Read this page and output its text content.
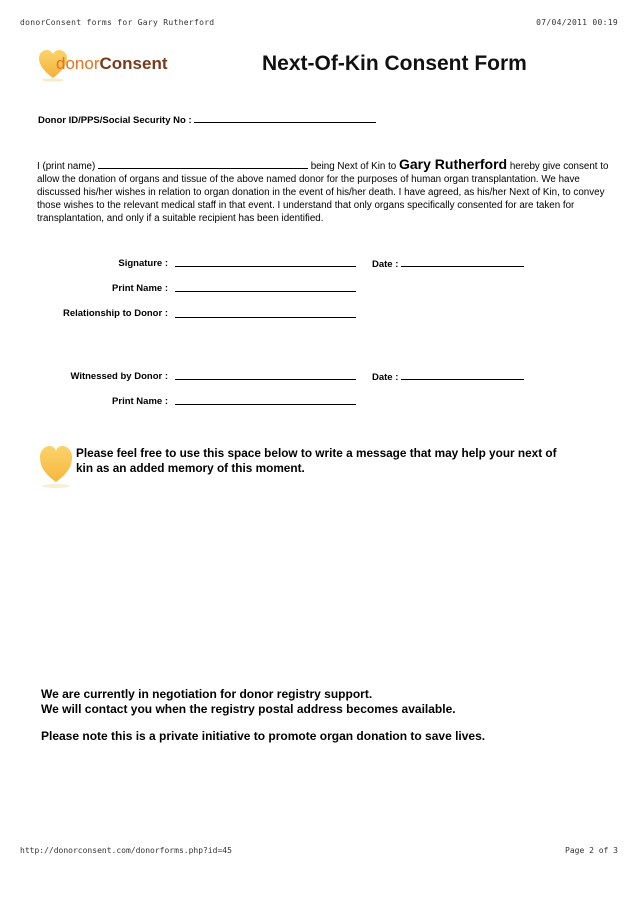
donorConsent forms for Gary Rutherford	07/04/2011 00:19
donorConsent	Next-Of-Kin Consent Form
Donor ID/PPS/Social Security No :
I (print name)	being Next of Kin to Gary Rutherford hereby give consent to allow the donation of organs and tissue of the above named donor for the purposes of human organ transplantation. We have discussed his/her wishes in relation to organ donation in the event of his/her death. I have agreed, as his/her Next of Kin, to convey those wishes to the relevant medical staff in that event. I understand that only organs specifically consented for are taken for transplantation, and only if a suitable recipient has been identified.
Signature :	Date :
Print Name :
Relationship to Donor :
Witnessed by Donor :	Date :
Print Name :
Please feel free to use this space below to write a message that may help your next of kin as an added memory of this moment.
We are currently in negotiation for donor registry support.
We will contact you when the registry postal address becomes available.
Please note this is a private initiative to promote organ donation to save lives.
http://donorconsent.com/donorforms.php?id=45	Page 2 of 3
